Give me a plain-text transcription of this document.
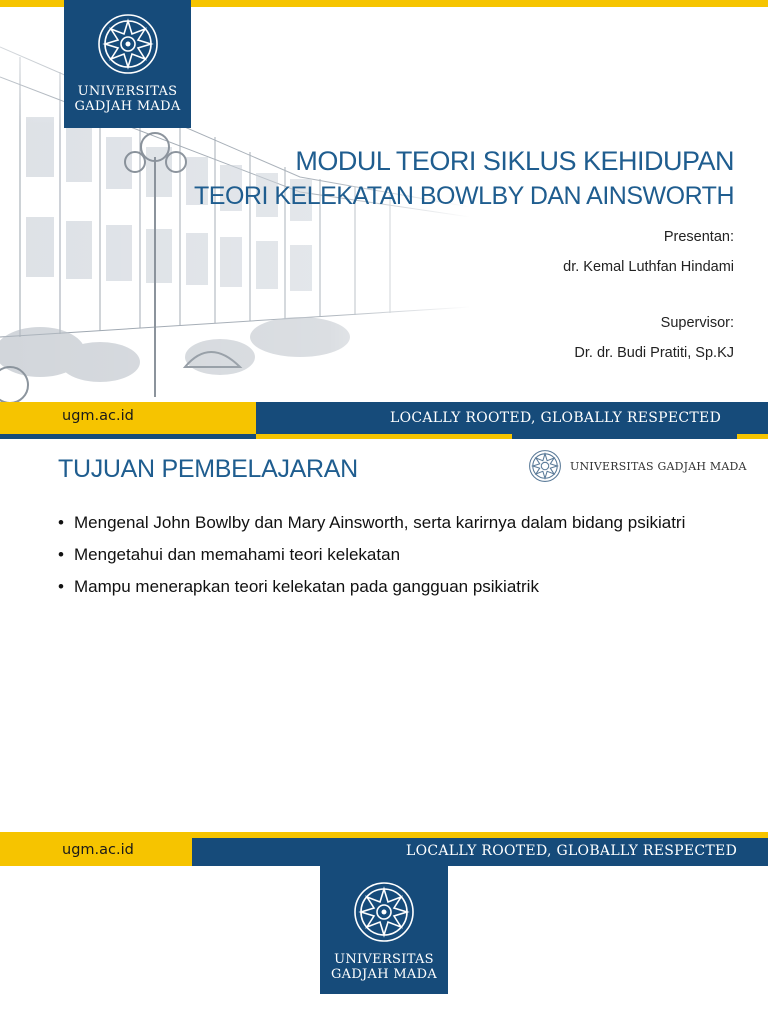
UNIVERSITAS
GADJAH MADA
MODUL TEORI SIKLUS KEHIDUPAN
TEORI KELEKATAN BOWLBY DAN AINSWORTH
Presentan:
dr. Kemal Luthfan Hindami
Supervisor:
Dr. dr. Budi Pratiti, Sp.KJ
ugm.ac.id	LOCALLY ROOTED, GLOBALLY RESPECTED
TUJUAN PEMBELAJARAN	UNIVERSITAS GADJAH MADA
• Mengenal John Bowlby dan Mary Ainsworth, serta karirnya dalam bidang psikiatri
• Mengetahui dan memahami teori kelekatan
• Mampu menerapkan teori kelekatan pada gangguan psikiatrik
ugm.ac.id	LOCALLY ROOTED, GLOBALLY RESPECTED
UNIVERSITAS
GADJAH MADA
